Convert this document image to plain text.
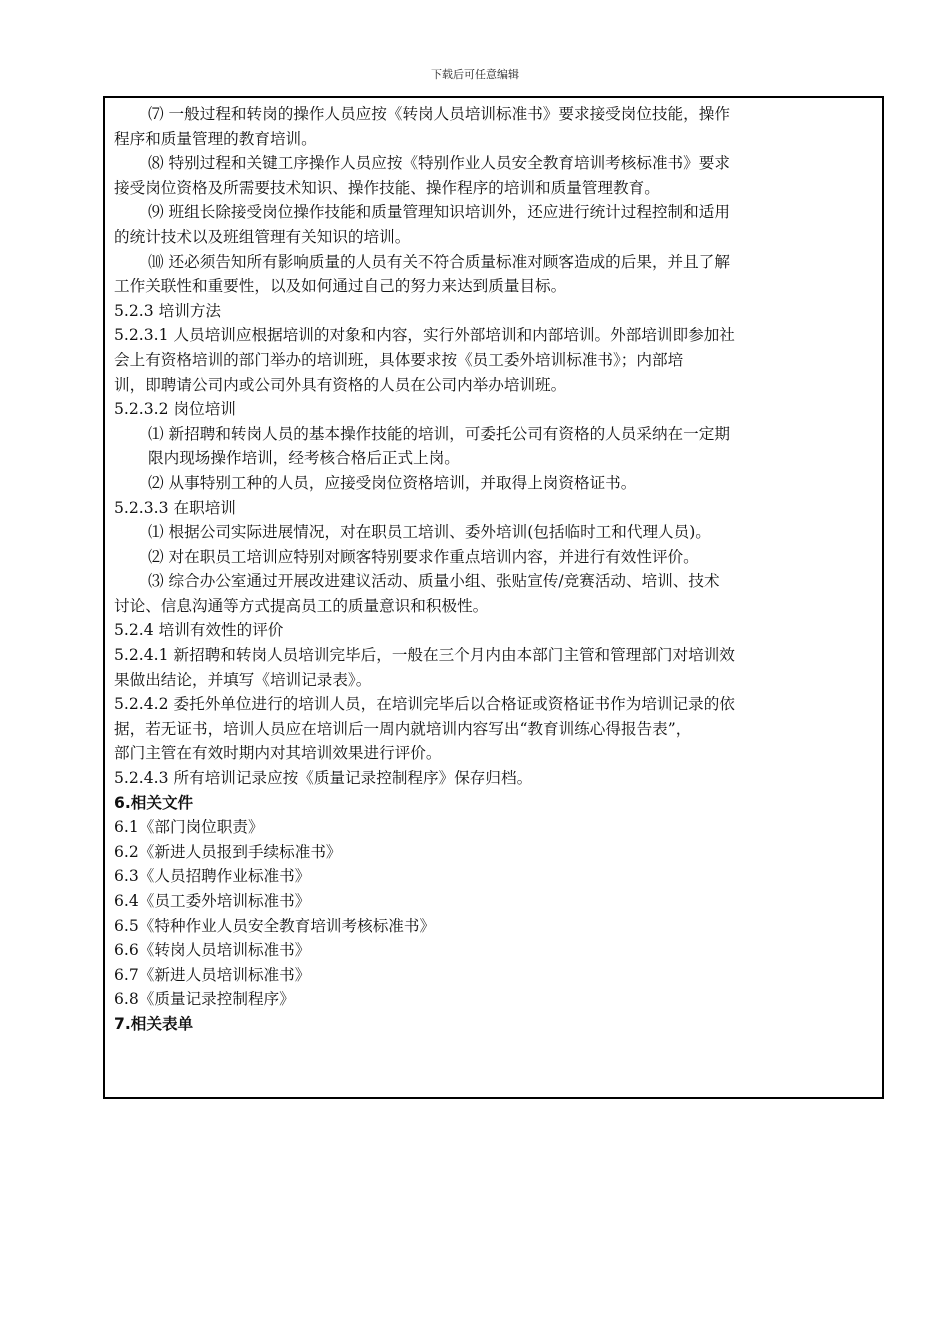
下载后可任意编辑
⑺ 一般过程和转岗的操作人员应按《转岗人员培训标准书》要求接受岗位技能，操作
程序和质量管理的教育培训。
⑻ 特别过程和关键工序操作人员应按《特别作业人员安全教育培训考核标准书》要求
接受岗位资格及所需要技术知识、操作技能、操作程序的培训和质量管理教育。
⑼ 班组长除接受岗位操作技能和质量管理知识培训外，还应进行统计过程控制和适用
的统计技术以及班组管理有关知识的培训。
⑽ 还必须告知所有影响质量的人员有关不符合质量标准对顾客造成的后果，并且了解
工作关联性和重要性，以及如何通过自己的努力来达到质量目标。
5.2.3 培训方法
5.2.3.1 人员培训应根据培训的对象和内容，实行外部培训和内部培训。外部培训即参加社
会上有资格培训的部门举办的培训班，具体要求按《员工委外培训标准书》；内部培
训，即聘请公司内或公司外具有资格的人员在公司内举办培训班。
5.2.3.2 岗位培训
⑴ 新招聘和转岗人员的基本操作技能的培训，可委托公司有资格的人员采纳在一定期
限内现场操作培训，经考核合格后正式上岗。
⑵ 从事特别工种的人员，应接受岗位资格培训，并取得上岗资格证书。
5.2.3.3 在职培训
⑴ 根据公司实际进展情况，对在职员工培训、委外培训(包括临时工和代理人员)。
⑵ 对在职员工培训应特别对顾客特别要求作重点培训内容，并进行有效性评价。
⑶ 综合办公室通过开展改进建议活动、质量小组、张贴宣传/竞赛活动、培训、技术
讨论、信息沟通等方式提高员工的质量意识和积极性。
5.2.4 培训有效性的评价
5.2.4.1 新招聘和转岗人员培训完毕后，一般在三个月内由本部门主管和管理部门对培训效
果做出结论，并填写《培训记录表》。
5.2.4.2 委托外单位进行的培训人员，在培训完毕后以合格证或资格证书作为培训记录的依
据，若无证书，培训人员应在培训后一周内就培训内容写出“教育训练心得报告表”，
部门主管在有效时期内对其培训效果进行评价。
5.2.4.3 所有培训记录应按《质量记录控制程序》保存归档。
6.相关文件
6.1《部门岗位职责》
6.2《新进人员报到手续标准书》
6.3《人员招聘作业标准书》
6.4《员工委外培训标准书》
6.5《特种作业人员安全教育培训考核标准书》
6.6《转岗人员培训标准书》
6.7《新进人员培训标准书》
6.8《质量记录控制程序》
7.相关表单
